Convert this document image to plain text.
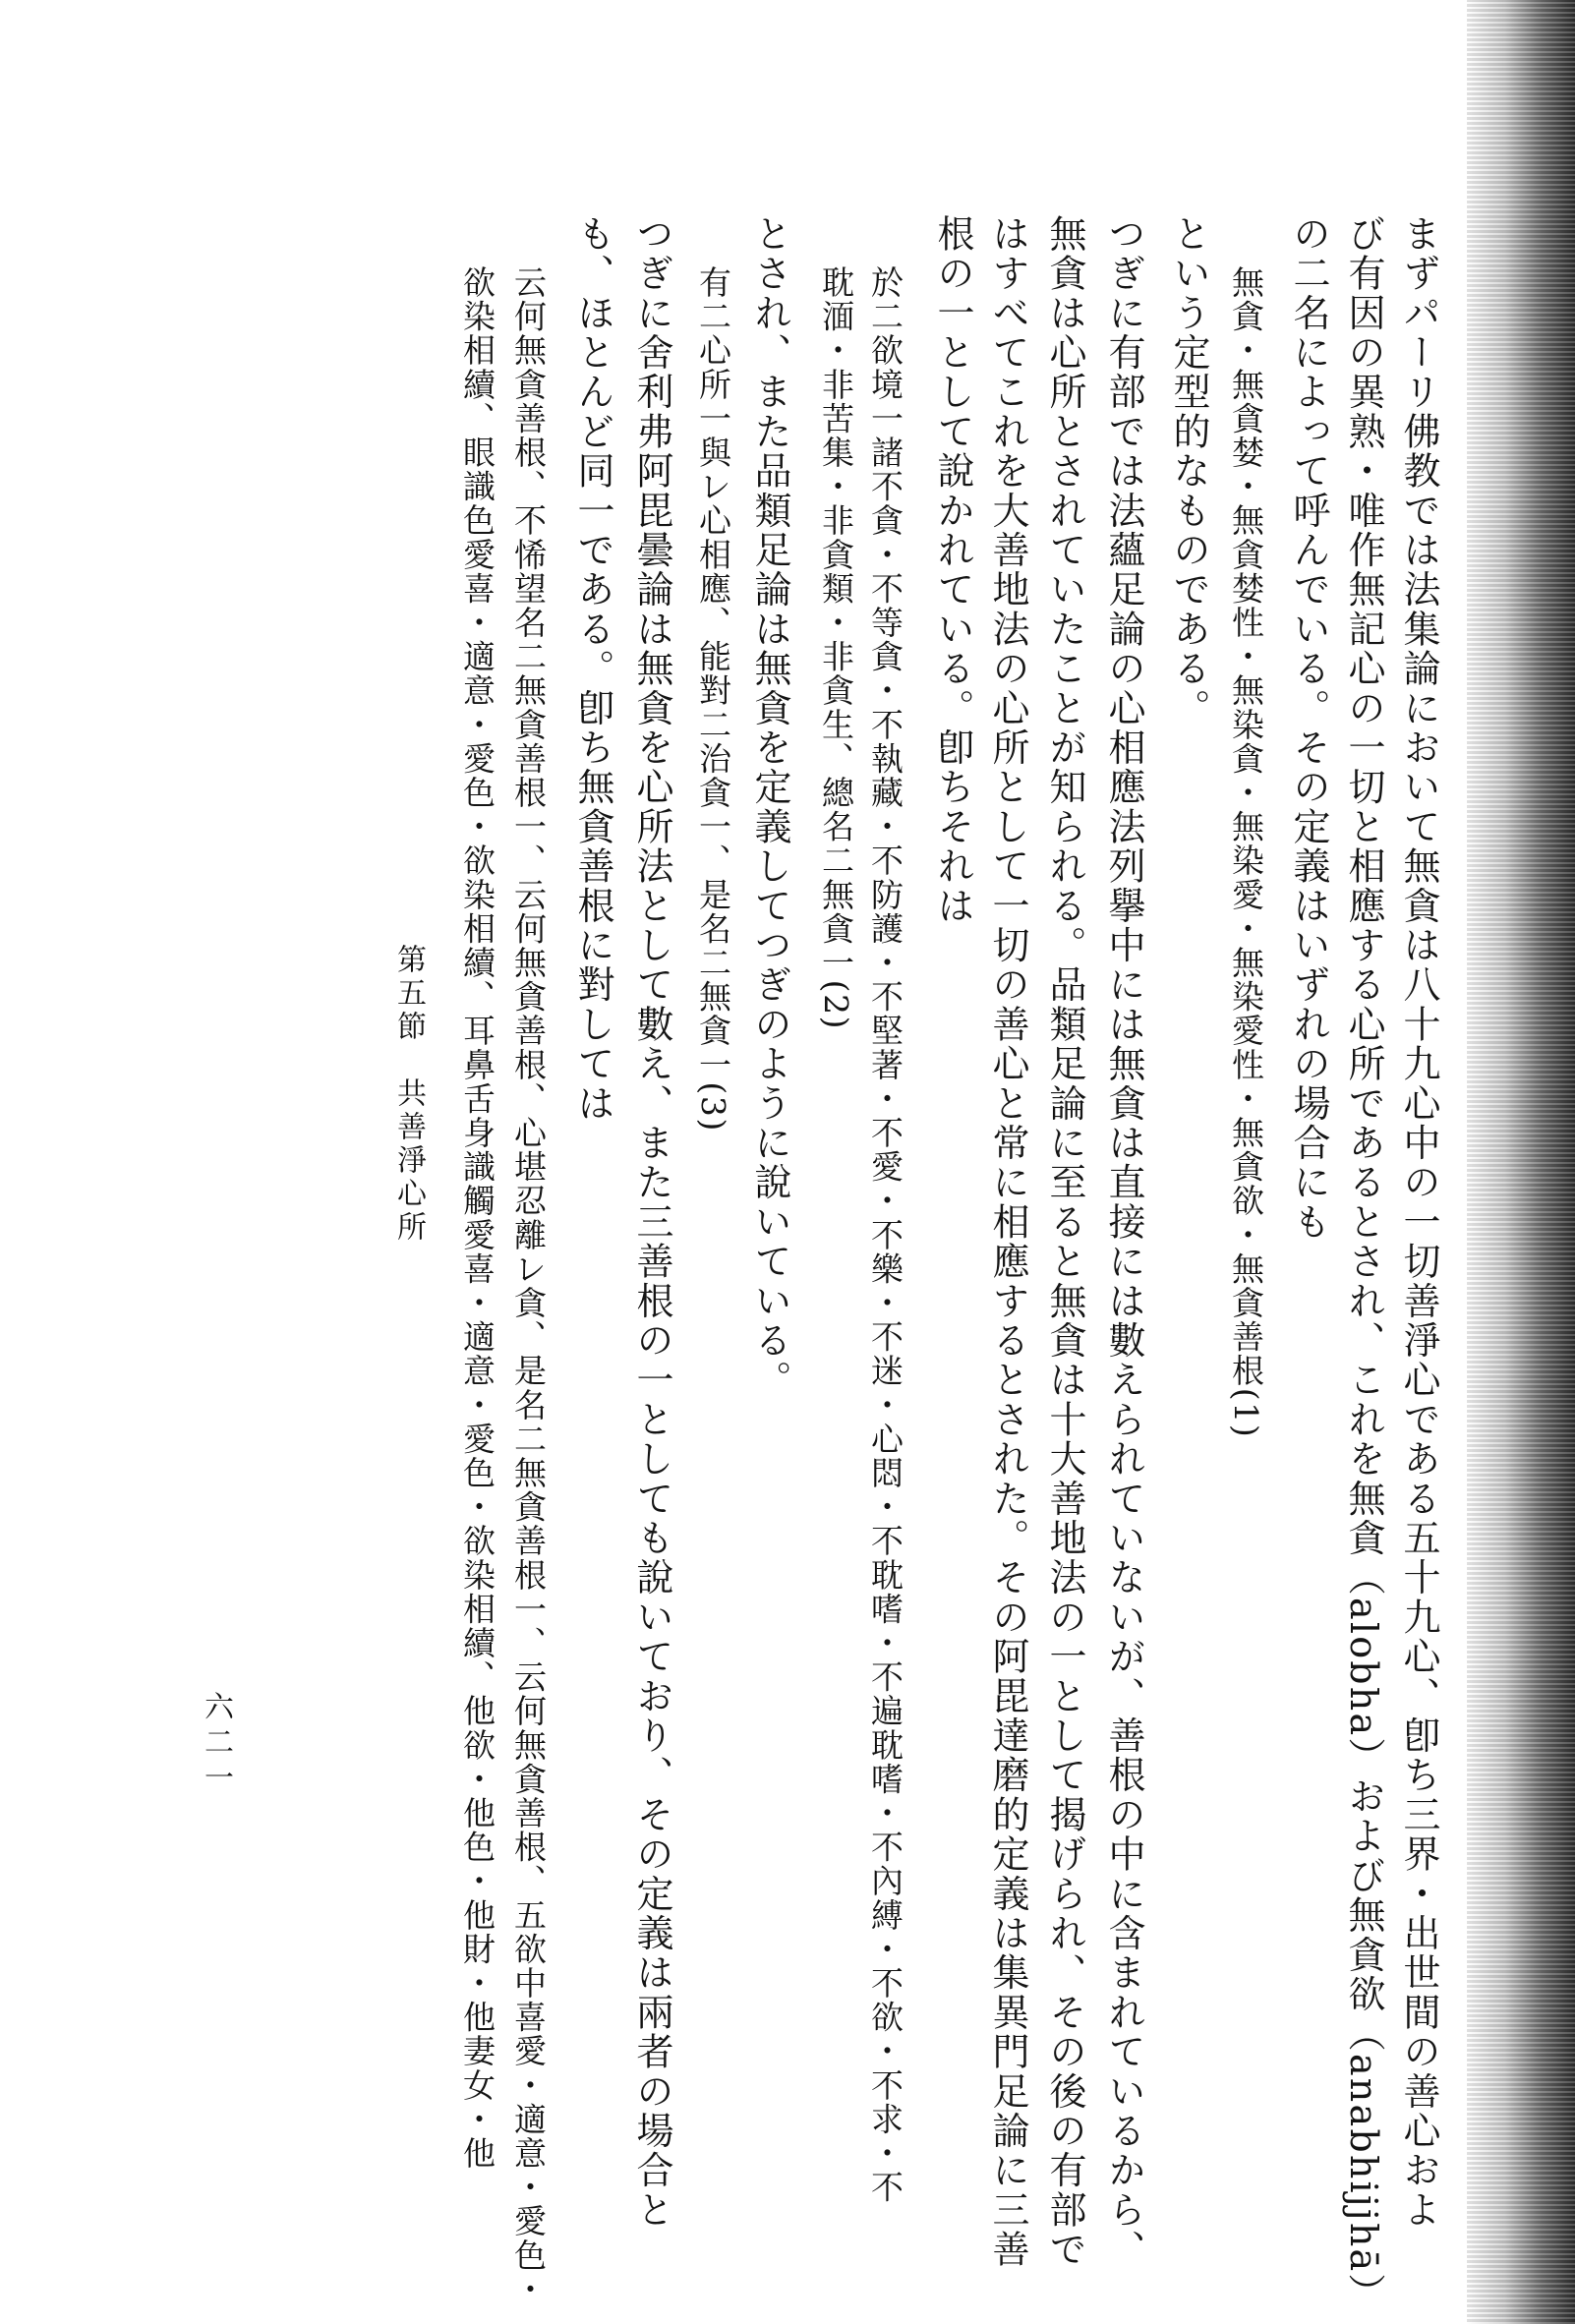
まずパーリ佛教では法集論において無貪は八十九心中の一切善淨心である五十九心、卽ち三界・出世間の善心およ
び有因の異熟・唯作無記心の一切と相應する心所であるとされ、これを無貪（alobha）および無貪欲（anabhijjhā）
の二名によって呼んでいる。その定義はいずれの場合にも
無貪・無貪婪・無貪婪性・無染貪・無染愛・無染愛性・無貪欲・無貪善根(1)
という定型的なものである。
つぎに有部では法蘊足論の心相應法列擧中には無貪は直接には數えられていないが、善根の中に含まれているから、
無貪は心所とされていたことが知られる。品類足論に至ると無貪は十大善地法の一として揭げられ、その後の有部で
はすべてこれを大善地法の心所として一切の善心と常に相應するとされた。その阿毘達磨的定義は集異門足論に三善
根の一として說かれている。卽ちそれは
於二欲境一諸不貪・不等貪・不執藏・不防護・不堅著・不愛・不樂・不迷・心悶・不耽嗜・不遍耽嗜・不內縛・不欲・不求・不
耽湎・非苦集・非貪類・非貪生、總名二無貪一(2)
とされ、また品類足論は無貪を定義してつぎのように說いている。
有二心所一與レ心相應、能對二治貪一、是名二無貪一(3)
つぎに舍利弗阿毘曇論は無貪を心所法として數え、また三善根の一としても說いており、その定義は兩者の場合と
も、ほとんど同一である。卽ち無貪善根に對しては
云何無貪善根、不悕望名二無貪善根一、云何無貪善根、心堪忍離レ貪、是名二無貪善根一、云何無貪善根、五欲中喜愛・適意・愛色・
欲染相續、眼識色愛喜・適意・愛色・欲染相續、耳鼻舌身識觸愛喜・適意・愛色・欲染相續、他欲・他色・他財・他妻女・他
第五節　共善淨心所
六二一
